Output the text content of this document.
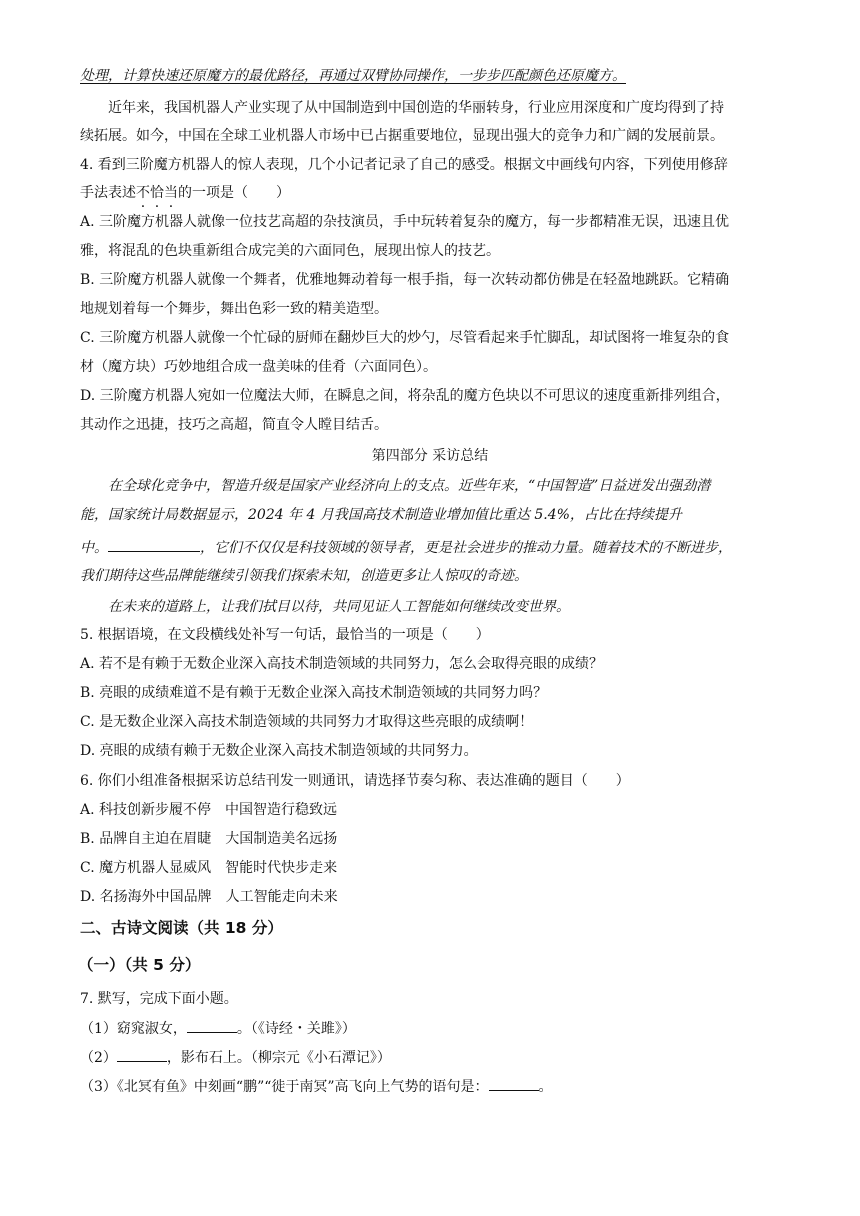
处理，计算快速还原魔方的最优路径，再通过双臂协同操作，一步步匹配颜色还原魔方。
近年来，我国机器人产业实现了从中国制造到中国创造的华丽转身，行业应用深度和广度均得到了持
续拓展。如今，中国在全球工业机器人市场中已占据重要地位，显现出强大的竞争力和广阔的发展前景。
4. 看到三阶魔方机器人的惊人表现，几个小记者记录了自己的感受。根据文中画线句内容，下列使用修辞
手法表述不恰当的一项是（　　）
A. 三阶魔方机器人就像一位技艺高超的杂技演员，手中玩转着复杂的魔方，每一步都精准无误，迅速且优
雅，将混乱的色块重新组合成完美的六面同色，展现出惊人的技艺。
B. 三阶魔方机器人就像一个舞者，优雅地舞动着每一根手指，每一次转动都仿佛是在轻盈地跳跃。它精确
地规划着每一个舞步，舞出色彩一致的精美造型。
C. 三阶魔方机器人就像一个忙碌的厨师在翻炒巨大的炒勺，尽管看起来手忙脚乱，却试图将一堆复杂的食
材（魔方块）巧妙地组合成一盘美味的佳肴（六面同色）。
D. 三阶魔方机器人宛如一位魔法大师，在瞬息之间，将杂乱的魔方色块以不可思议的速度重新排列组合，
其动作之迅捷，技巧之高超，简直令人瞠目结舌。
第四部分 采访总结
在全球化竞争中，智造升级是国家产业经济向上的支点。近些年来，“中国智造”日益迸发出强劲潜
能，国家统计局数据显示，2024 年 4 月我国高技术制造业增加值比重达 5.4%，占比在持续提升
中。	，它们不仅仅是科技领域的领导者，更是社会进步的推动力量。随着技术的不断进步，
我们期待这些品牌能继续引领我们探索未知，创造更多让人惊叹的奇迹。
在未来的道路上，让我们拭目以待，共同见证人工智能如何继续改变世界。
5. 根据语境，在文段横线处补写一句话，最恰当的一项是（　　）
A. 若不是有赖于无数企业深入高技术制造领域的共同努力，怎么会取得亮眼的成绩？
B. 亮眼的成绩难道不是有赖于无数企业深入高技术制造领域的共同努力吗？
C. 是无数企业深入高技术制造领域的共同努力才取得这些亮眼的成绩啊！
D. 亮眼的成绩有赖于无数企业深入高技术制造领域的共同努力。
6. 你们小组准备根据采访总结刊发一则通讯，请选择节奏匀称、表达准确的题目（　　）
A. 科技创新步履不停　中国智造行稳致远
B. 品牌自主迫在眉睫　大国制造美名远扬
C. 魔方机器人显威风　智能时代快步走来
D. 名扬海外中国品牌　人工智能走向未来
二、古诗文阅读（共 18 分）
（一）（共 5 分）
7. 默写，完成下面小题。
（1）窈窕淑女，	。（《诗经・关雎》）
（2）	，影布石上。（柳宗元《小石潭记》）
（3）《北冥有鱼》中刻画“鹏”“徙于南冥”高飞向上气势的语句是：	。
